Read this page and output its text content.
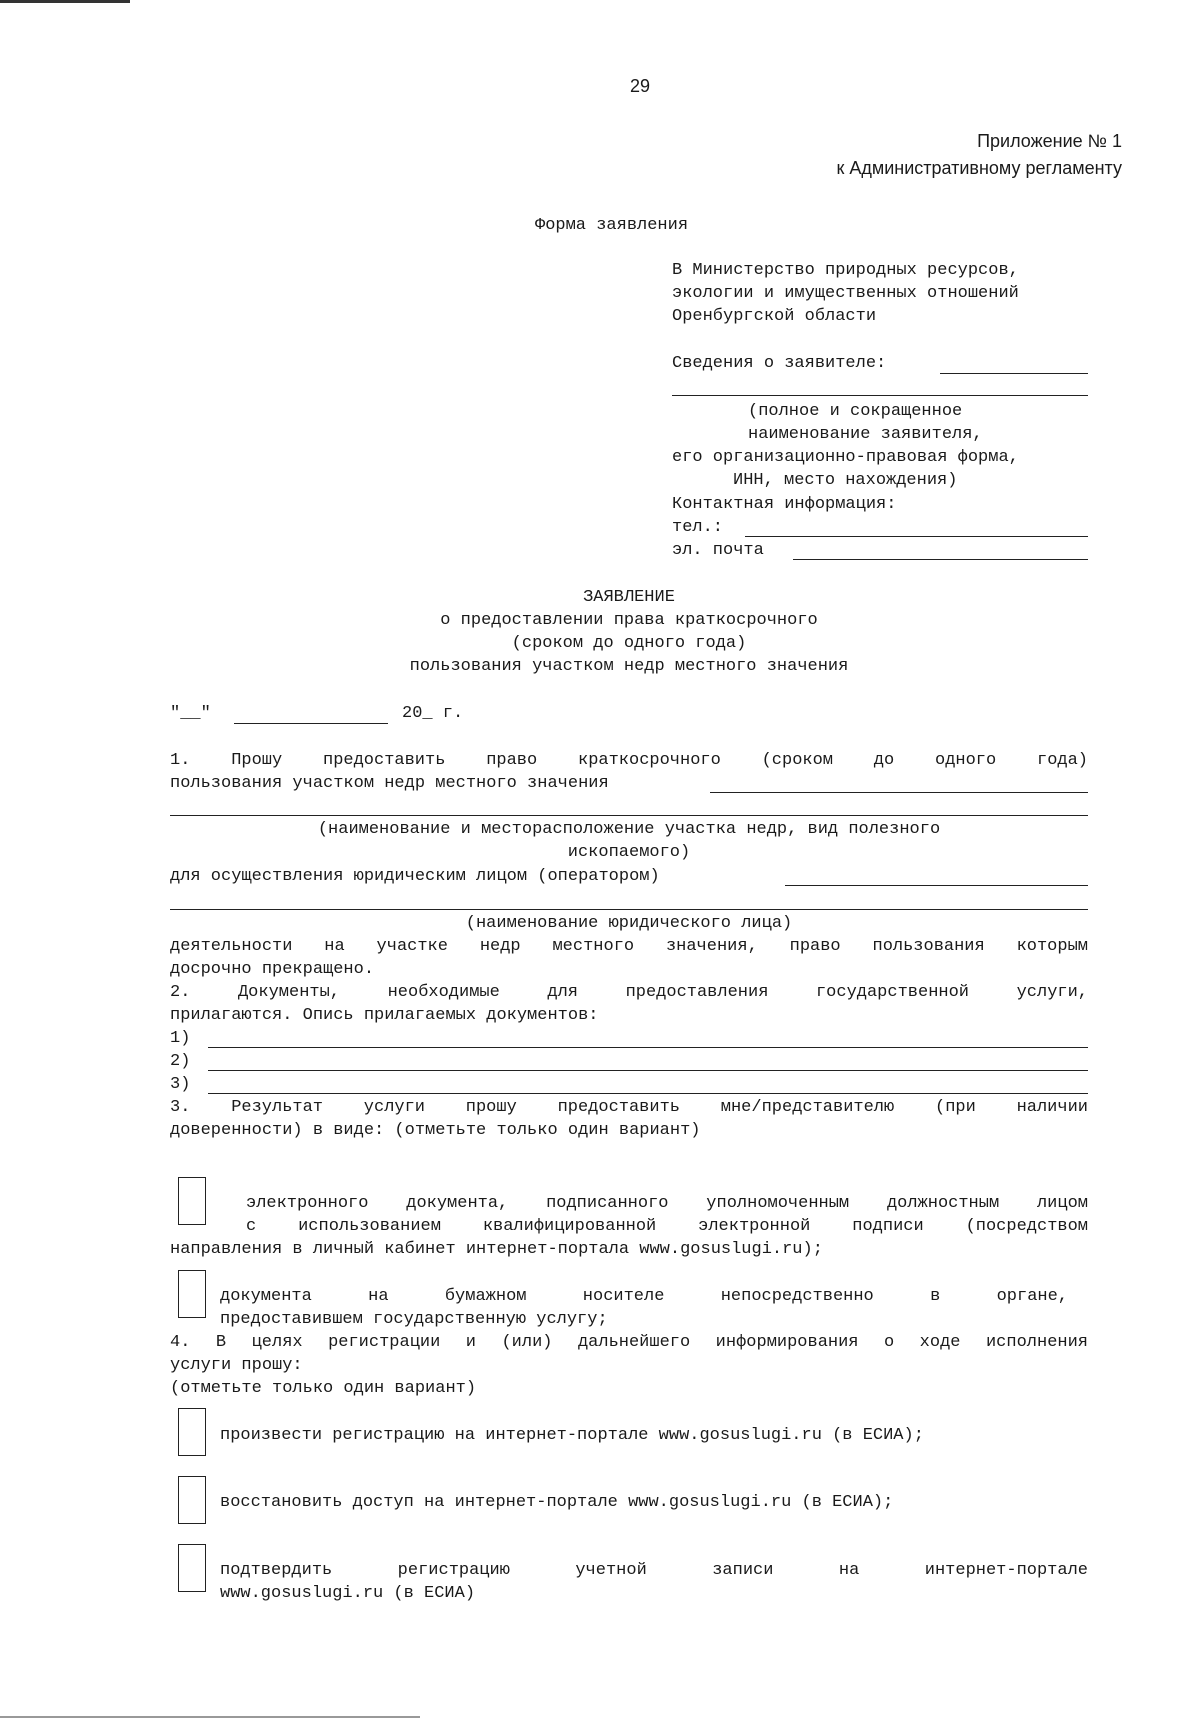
29
Приложение № 1
к Административному регламенту
Форма заявления
В Министерство природных ресурсов,
экологии и имущественных отношений
Оренбургской области
Сведения о заявителе:
(полное и сокращенное
наименование заявителя,
его организационно-правовая форма,
ИНН, место нахождения)
Контактная информация:
тел.:
эл. почта
ЗАЯВЛЕНИЕ
о предоставлении права краткосрочного
(сроком до одного года)
пользования участком недр местного значения
"__"	20_ г.
1. Прошу предоставить право краткосрочного (сроком до одного года)
пользования участком недр местного значения
(наименование и месторасположение участка недр, вид полезного
ископаемого)
для осуществления юридическим лицом (оператором)
(наименование юридического лица)
деятельности на участке недр местного значения, право пользования которым
досрочно прекращено.
2. Документы, необходимые для предоставления государственной услуги,
прилагаются. Опись прилагаемых документов:
1)
2)
3)
3. Результат услуги прошу предоставить мне/представителю (при наличии
доверенности) в виде: (отметьте только один вариант)
электронного документа, подписанного уполномоченным должностным лицом
с использованием квалифицированной электронной подписи (посредством
направления в личный кабинет интернет-портала www.gosuslugi.ru);
документа на бумажном носителе непосредственно в органе,
предоставившем государственную услугу;
4. В целях регистрации и (или) дальнейшего информирования о ходе исполнения
услуги прошу:
(отметьте только один вариант)
произвести регистрацию на интернет-портале www.gosuslugi.ru (в ЕСИА);
восстановить доступ на интернет-портале www.gosuslugi.ru (в ЕСИА);
подтвердить регистрацию учетной записи на интернет-портале
www.gosuslugi.ru (в ЕСИА)
